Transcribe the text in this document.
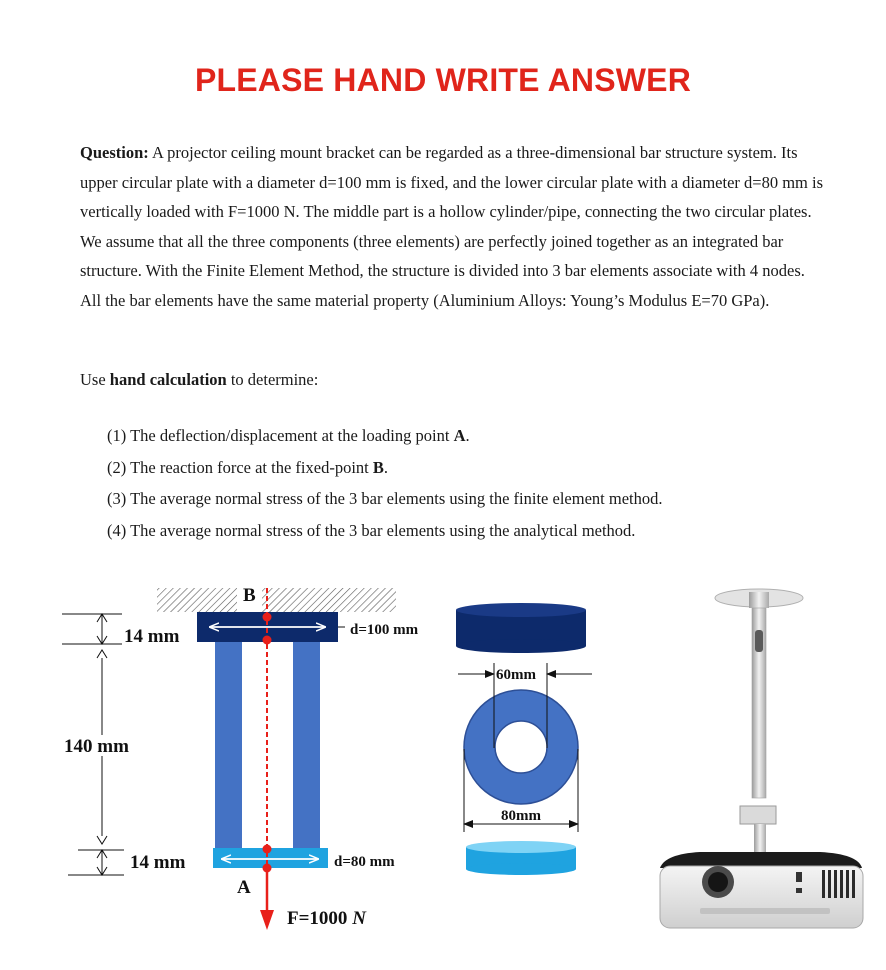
PLEASE HAND WRITE ANSWER

Question: A projector ceiling mount bracket can be regarded as a three-dimensional bar structure system. Its upper circular plate with a diameter d=100 mm is fixed, and the lower circular plate with a diameter d=80 mm is vertically loaded with F=1000 N. The middle part is a hollow cylinder/pipe, connecting the two circular plates. We assume that all the three components (three elements) are perfectly joined together as an integrated bar structure. With the Finite Element Method, the structure is divided into 3 bar elements associate with 4 nodes. All the bar elements have the same material property (Aluminium Alloys: Young’s Modulus E=70 GPa).

Use hand calculation to determine:

(1) The deflection/displacement at the loading point A.
(2) The reaction force at the fixed-point B.
(3) The average normal stress of the 3 bar elements using the finite element method.
(4) The average normal stress of the 3 bar elements using the analytical method.
B
A
d=100 mm
d=80 mm
F=1000 N
14 mm
140 mm
14 mm
60mm
80mm
